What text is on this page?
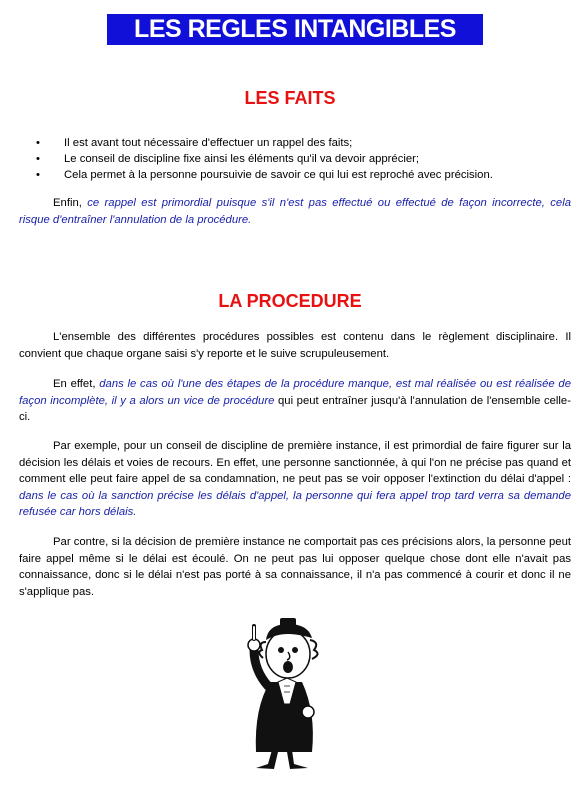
LES REGLES INTANGIBLES
LES FAITS
• Il est avant tout nécessaire d'effectuer un rappel des faits;
• Le conseil de discipline fixe ainsi les éléments qu'il va devoir apprécier;
• Cela permet à la personne poursuivie de savoir ce qui lui est reproché avec précision.

Enfin, ce rappel est primordial puisque s'il n'est pas effectué ou effectué de façon incorrecte, cela risque d'entraîner l'annulation de la procédure.

LA PROCEDURE

L'ensemble des différentes procédures possibles est contenu dans le règlement disciplinaire. Il convient que chaque organe saisi s'y reporte et le suive scrupuleusement.

En effet, dans le cas où l'une des étapes de la procédure manque, est mal réalisée ou est réalisée de façon incomplète, il y a alors un vice de procédure qui peut entraîner jusqu'à l'annulation de l'ensemble celle-ci.

Par exemple, pour un conseil de discipline de première instance, il est primordial de faire figurer sur la décision les délais et voies de recours. En effet, une personne sanctionnée, à qui l'on ne précise pas quand et comment elle peut faire appel de sa condamnation, ne peut pas se voir opposer l'extinction du délai d'appel : dans le cas où la sanction précise les délais d'appel, la personne qui fera appel trop tard verra sa demande refusée car hors délais.

Par contre, si la décision de première instance ne comportait pas ces précisions alors, la personne peut faire appel même si le délai est écoulé. On ne peut pas lui opposer quelque chose dont elle n'avait pas connaissance, donc si le délai n'est pas porté à sa connaissance, il n'a pas commencé à courir et donc il ne s'applique pas.
